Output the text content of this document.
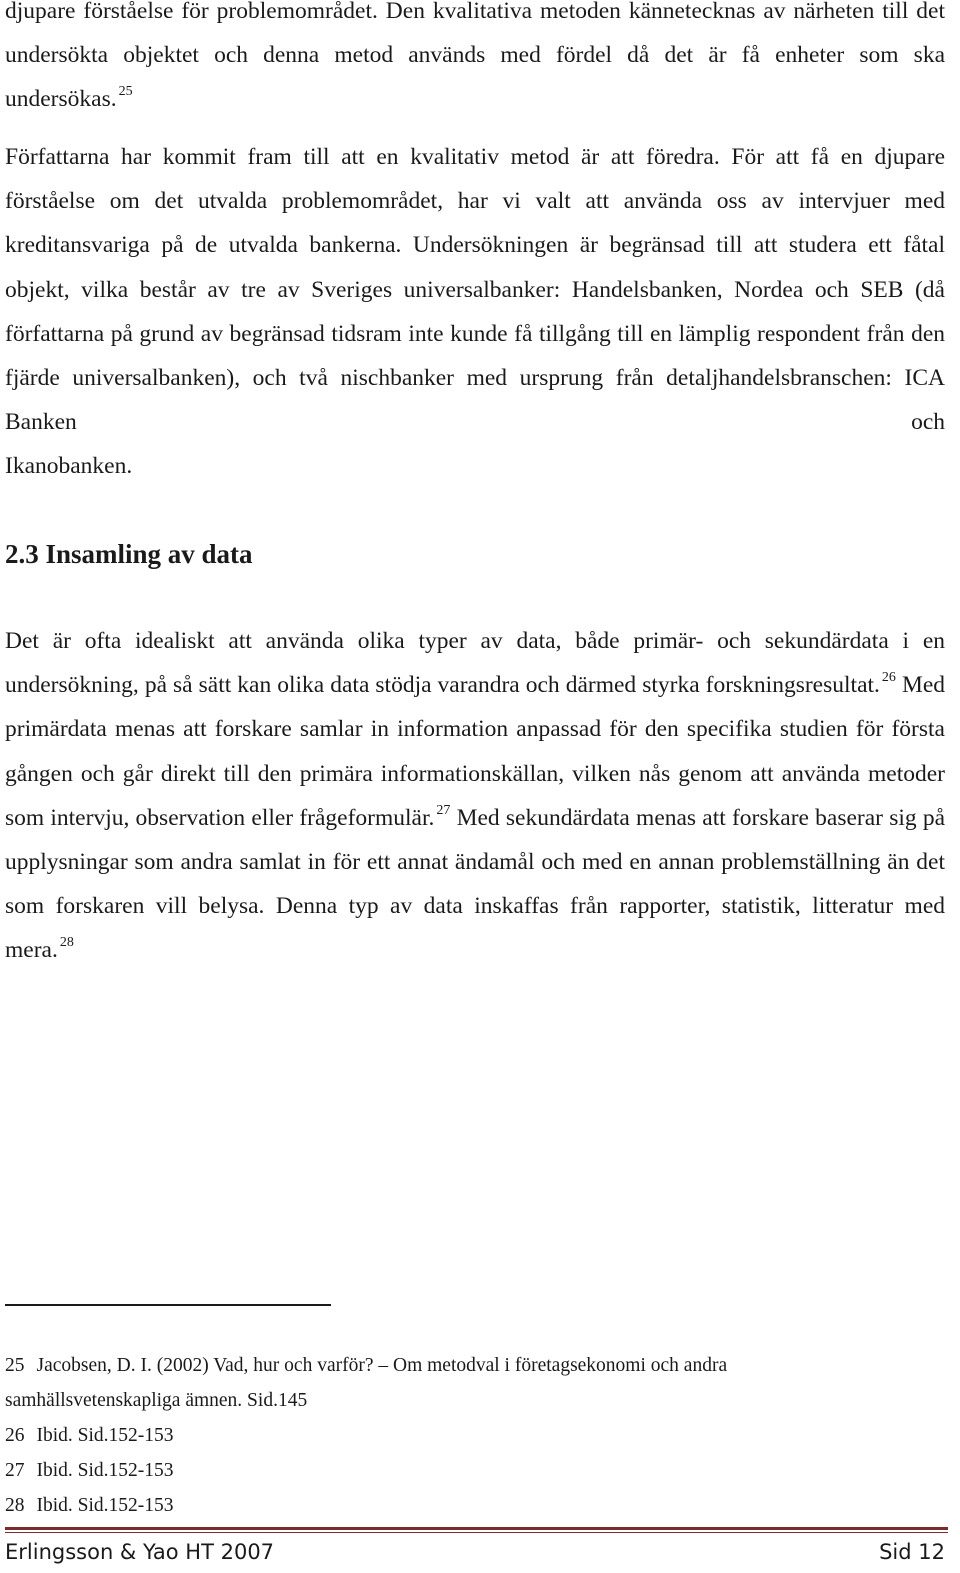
djupare förståelse för problemområdet. Den kvalitativa metoden kännetecknas av närheten till det undersökta objektet och denna metod används med fördel då det är få enheter som ska undersökas. $^{25}$

Författarna har kommit fram till att en kvalitativ metod är att föredra. För att få en djupare förståelse om det utvalda problemområdet, har vi valt att använda oss av intervjuer med kreditansvariga på de utvalda bankerna. Undersökningen är begränsad till att studera ett fåtal objekt, vilka består av tre av Sveriges universalbanker: Handelsbanken, Nordea och SEB (då författarna på grund av begränsad tidsram inte kunde få tillgång till en lämplig respondent från den fjärde universalbanken), och två nischbanker med ursprung från detaljhandelsbranschen: ICA Banken och
Ikanobanken.

2.3 Insamling av data

Det är ofta idealiskt att använda olika typer av data, både primär- och sekundärdata i en undersökning, på så sätt kan olika data stödja varandra och därmed styrka forskningsresultat. $^{26}$ Med primärdata menas att forskare samlar in information anpassad för den specifika studien för första gången och går direkt till den primära informationskällan, vilken nås genom att använda metoder som intervju, observation eller frågeformulär. $^{27}$ Med sekundärdata menas att forskare baserar sig på upplysningar som andra samlat in för ett annat ändamål och med en annan problemställning än det som forskaren vill belysa. Denna typ av data inskaffas från rapporter, statistik, litteratur med mera. $^{28}$

25 Jacobsen, D. I. (2002) Vad, hur och varför? – Om metodval i företagsekonomi och andra
samhällsvetenskapliga ämnen. Sid.145
26 Ibid. Sid.152-153
27 Ibid. Sid.152-153
28 Ibid. Sid.152-153
Erlingsson & Yao HT 2007	Sid 12
